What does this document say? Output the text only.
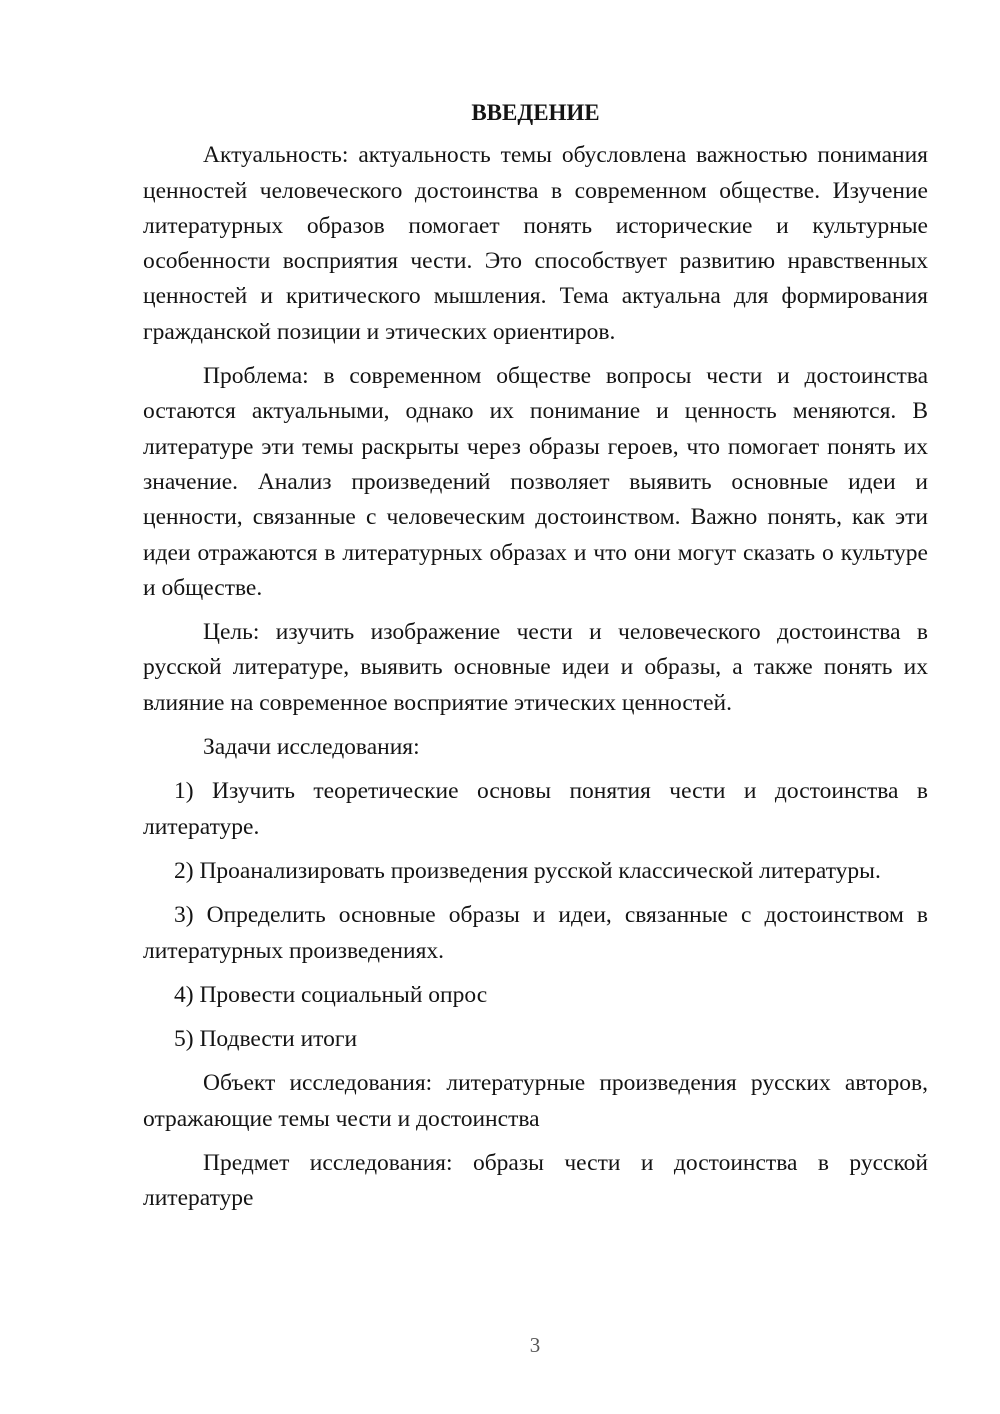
ВВЕДЕНИЕ

Актуальность: актуальность темы обусловлена важностью понимания ценностей человеческого достоинства в современном обществе. Изучение литературных образов помогает понять исторические и культурные особенности восприятия чести. Это способствует развитию нравственных ценностей и критического мышления. Тема актуальна для формирования гражданской позиции и этических ориентиров.

Проблема: в современном обществе вопросы чести и достоинства остаются актуальными, однако их понимание и ценность меняются. В литературе эти темы раскрыты через образы героев, что помогает понять их значение. Анализ произведений позволяет выявить основные идеи и ценности, связанные с человеческим достоинством. Важно понять, как эти идеи отражаются в литературных образах и что они могут сказать о культуре и обществе.

Цель: изучить изображение чести и человеческого достоинства в русской литературе, выявить основные идеи и образы, а также понять их влияние на современное восприятие этических ценностей.

Задачи исследования:

1) Изучить теоретические основы понятия чести и достоинства в литературе.

2) Проанализировать произведения русской классической литературы.

3) Определить основные образы и идеи, связанные с достоинством в литературных произведениях.

4) Провести социальный опрос

5) Подвести итоги

Объект исследования: литературные произведения русских авторов, отражающие темы чести и достоинства

Предмет исследования: образы чести и достоинства в русской литературе

3
